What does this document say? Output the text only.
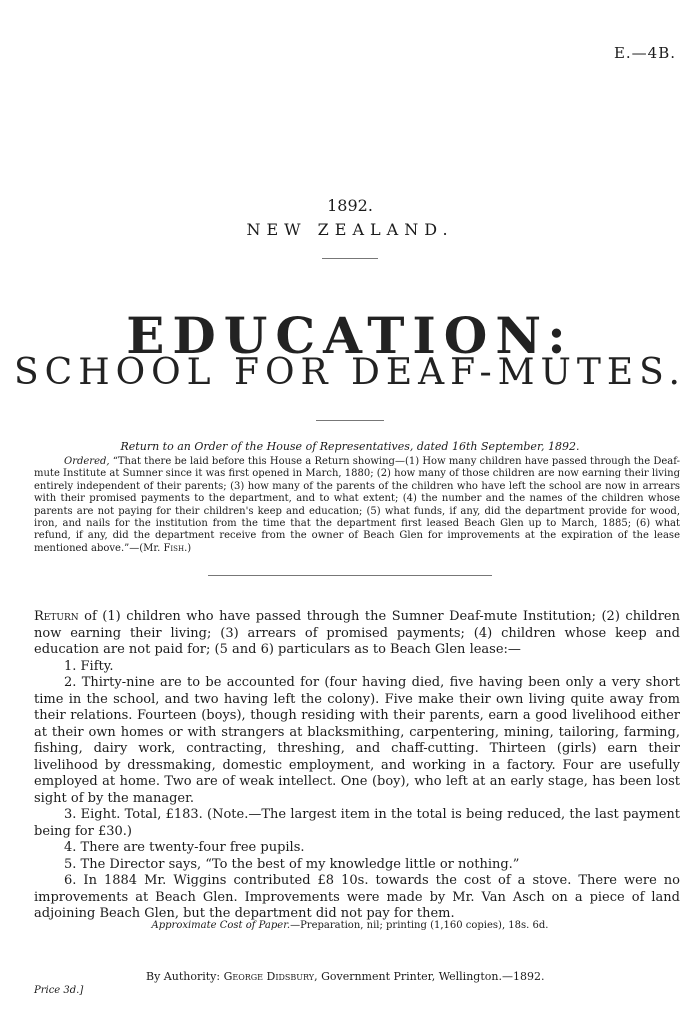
E.—4B.
1892.
NEW ZEALAND.
EDUCATION:
SCHOOL FOR DEAF-MUTES.
Return to an Order of the House of Representatives, dated 16th September, 1892.
Ordered, “That there be laid before this House a Return showing—(1) How many children have passed through the Deaf-mute Institute at Sumner since it was first opened in March, 1880; (2) how many of those children are now earning their living entirely independent of their parents; (3) how many of the parents of the children who have left the school are now in arrears with their promised payments to the department, and to what extent; (4) the number and the names of the children whose parents are not paying for their children's keep and education; (5) what funds, if any, did the department provide for wood, iron, and nails for the institution from the time that the department first leased Beach Glen up to March, 1885; (6) what refund, if any, did the department receive from the owner of Beach Glen for improvements at the expiration of the lease mentioned above.”—(Mr. Fish.)

Return of (1) children who have passed through the Sumner Deaf-mute Institution; (2) children now earning their living; (3) arrears of promised payments; (4) children whose keep and education are not paid for; (5 and 6) particulars as to Beach Glen lease:—

1. Fifty.

2. Thirty-nine are to be accounted for (four having died, five having been only a very short time in the school, and two having left the colony). Five make their own living quite away from their relations. Fourteen (boys), though residing with their parents, earn a good livelihood either at their own homes or with strangers at blacksmithing, carpentering, mining, tailoring, farming, fishing, dairy work, contracting, threshing, and chaff-cutting. Thirteen (girls) earn their livelihood by dressmaking, domestic employment, and working in a factory. Four are usefully employed at home. Two are of weak intellect. One (boy), who left at an early stage, has been lost sight of by the manager.

3. Eight. Total, £183. (Note.—The largest item in the total is being reduced, the last payment being for £30.)

4. There are twenty-four free pupils.

5. The Director says, “To the best of my knowledge little or nothing.”

6. In 1884 Mr. Wiggins contributed £8 10s. towards the cost of a stove. There were no improvements at Beach Glen. Improvements were made by Mr. Van Asch on a piece of land adjoining Beach Glen, but the department did not pay for them.

Approximate Cost of Paper.—Preparation, nil; printing (1,160 copies), 18s. 6d.
By Authority: George Didsbury, Government Printer, Wellington.—1892.
Price 3d.]
